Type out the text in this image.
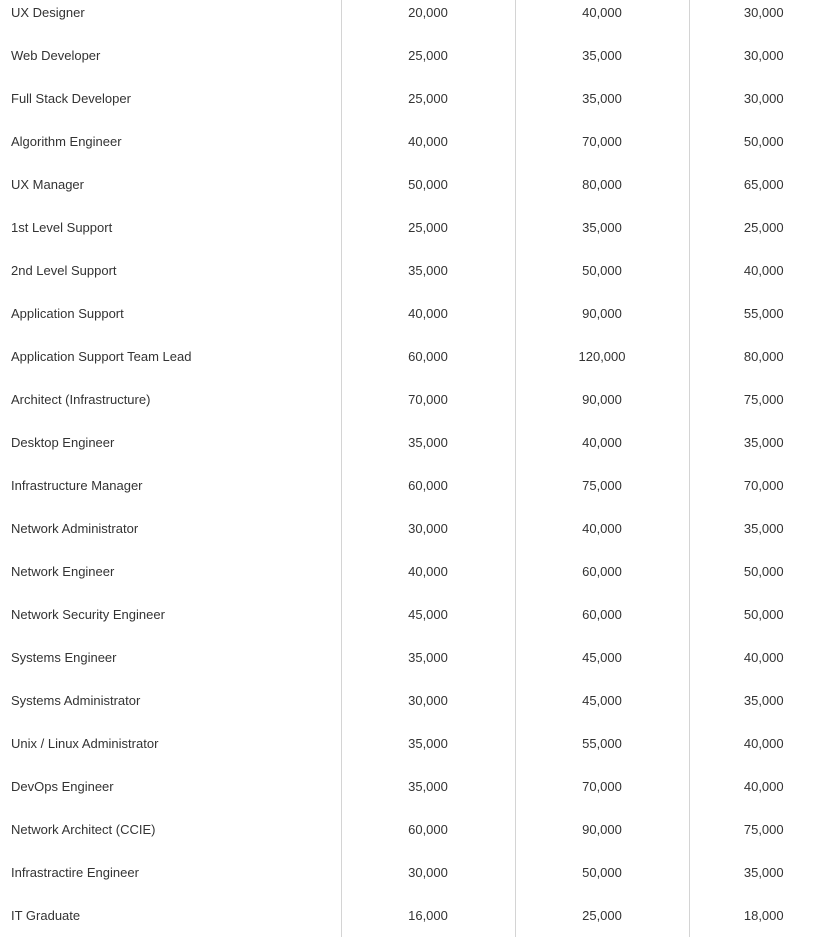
UX Designer	20,000	40,000	30,000
Web Developer	25,000	35,000	30,000
Full Stack Developer	25,000	35,000	30,000
Algorithm Engineer	40,000	70,000	50,000
UX Manager	50,000	80,000	65,000
1st Level Support	25,000	35,000	25,000
2nd Level Support	35,000	50,000	40,000
Application Support	40,000	90,000	55,000
Application Support Team Lead	60,000	120,000	80,000
Architect (Infrastructure)	70,000	90,000	75,000
Desktop Engineer	35,000	40,000	35,000
Infrastructure Manager	60,000	75,000	70,000
Network Administrator	30,000	40,000	35,000
Network Engineer	40,000	60,000	50,000
Network Security Engineer	45,000	60,000	50,000
Systems Engineer	35,000	45,000	40,000
Systems Administrator	30,000	45,000	35,000
Unix / Linux Administrator	35,000	55,000	40,000
DevOps Engineer	35,000	70,000	40,000
Network Architect (CCIE)	60,000	90,000	75,000
Infrastractire Engineer	30,000	50,000	35,000
IT Graduate	16,000	25,000	18,000
